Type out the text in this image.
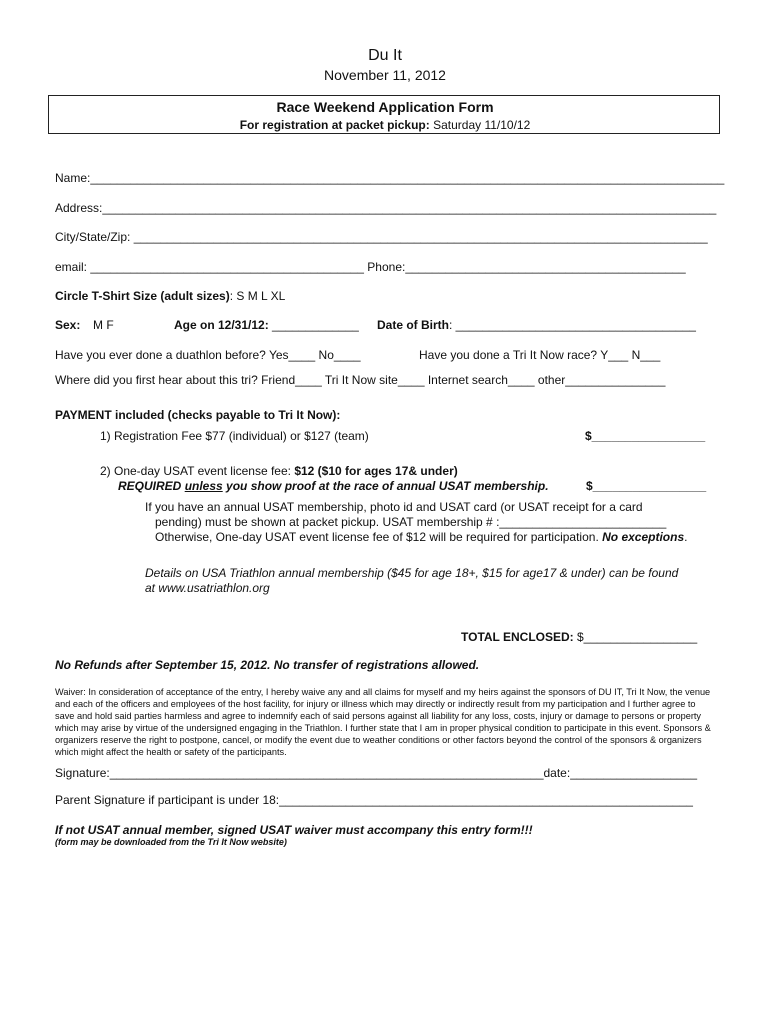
Du It
November 11, 2012
Race Weekend Application Form
For registration at packet pickup: Saturday 11/10/12
Name:_______________________________________________________________________________________________
Address:____________________________________________________________________________________________
City/State/Zip: ______________________________________________________________________________________
email: _________________________________________ Phone:__________________________________________
Circle T-Shirt Size (adult sizes): S M L XL
Sex: M F	Age on 12/31/12: _____________ Date of Birth: ____________________________________
Have you ever done a duathlon before? Yes____ No____	Have you done a Tri It Now race? Y___ N___
Where did you first hear about this tri? Friend____ Tri It Now site____ Internet search____ other_______________
PAYMENT included (checks payable to Tri It Now):
1) Registration Fee $77 (individual) or $127 (team)	$_________________
2) One-day USAT event license fee: $12 ($10 for ages 17& under)
REQUIRED unless you show proof at the race of annual USAT membership.	$_________________
If you have an annual USAT membership, photo id and USAT card (or USAT receipt for a card
pending) must be shown at packet pickup. USAT membership # :_________________________
Otherwise, One-day USAT event license fee of $12 will be required for participation. No exceptions.
Details on USA Triathlon annual membership ($45 for age 18+, $15 for age17 & under) can be found
at www.usatriathlon.org
TOTAL ENCLOSED: $_________________
No Refunds after September 15, 2012. No transfer of registrations allowed.
Waiver: In consideration of acceptance of the entry, I hereby waive any and all claims for myself and my heirs against the sponsors of DU IT, Tri It Now, the venue and each of the officers and employees of the host facility, for injury or illness which may directly or indirectly result from my participation and I further agree to save and hold said parties harmless and agree to indemnify each of said persons against all liability for any loss, costs, injury or damage to persons or property which may arise by virtue of the undersigned engaging in the Triathlon. I further state that I am in proper physical condition to participate in this event. Sponsors & organizers reserve the right to postpone, cancel, or modify the event due to weather conditions or other factors beyond the control of the sponsors & organizers which might affect the health or safety of the participants.
Signature:_________________________________________________________________date:___________________
Parent Signature if participant is under 18:______________________________________________________________
If not USAT annual member, signed USAT waiver must accompany this entry form!!!
(form may be downloaded from the Tri It Now website)
